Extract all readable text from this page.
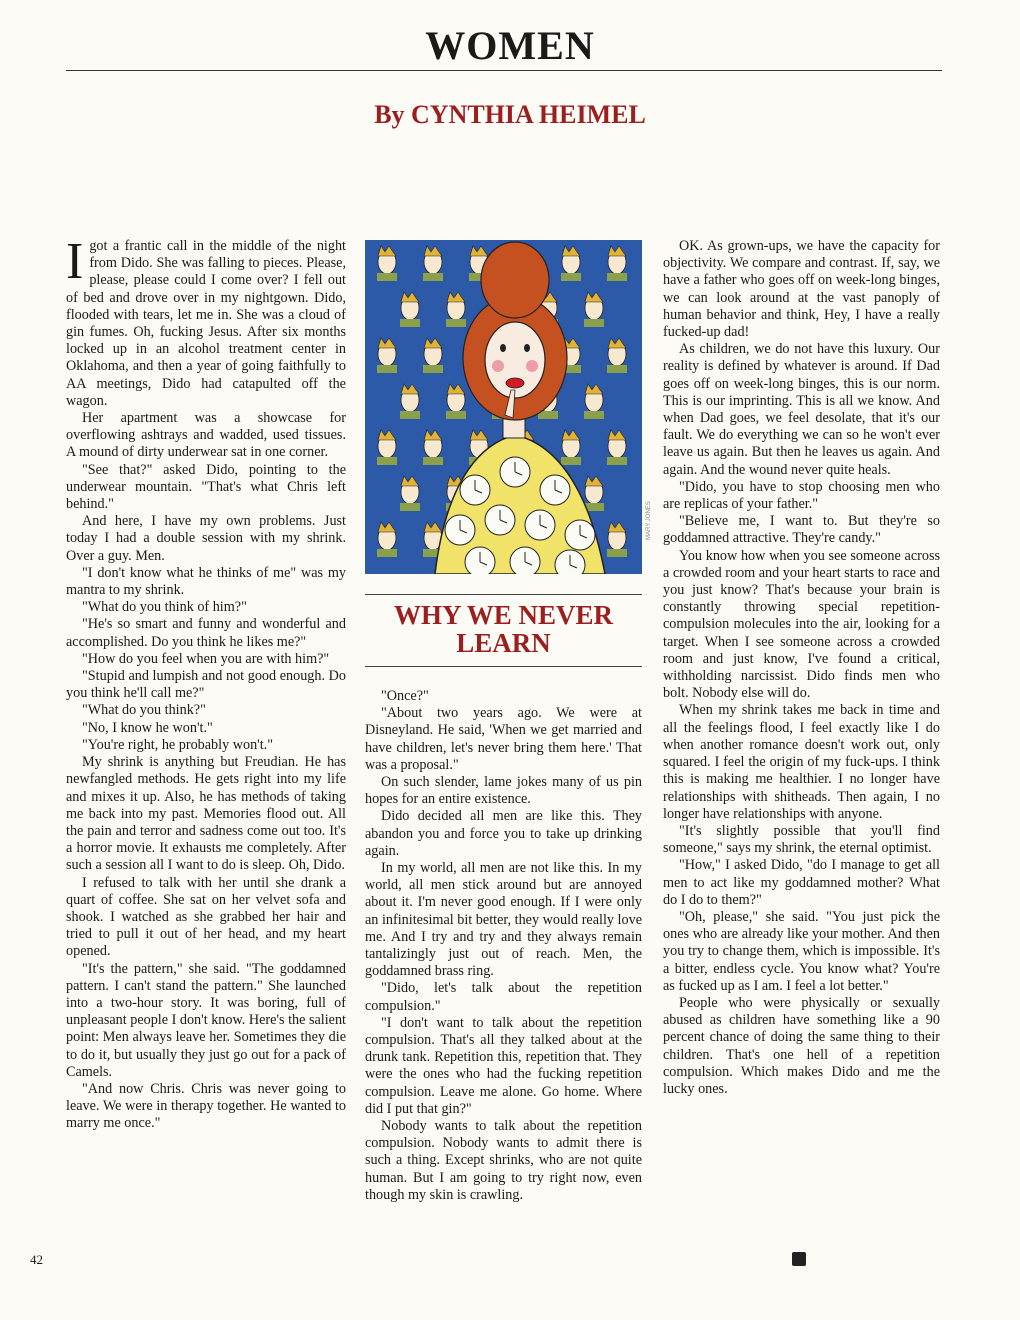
WOMEN
By CYNTHIA HEIMEL

I got a frantic call in the middle of the night from Dido. She was falling to pieces. Please, please, please could I come over? I fell out of bed and drove over in my nightgown. Dido, flooded with tears, let me in. She was a cloud of gin fumes. Oh, fucking Jesus. After six months locked up in an alcohol treatment center in Oklahoma, and then a year of going faithfully to AA meetings, Dido had catapulted off the wagon.

Her apartment was a showcase for overflowing ashtrays and wadded, used tissues. A mound of dirty underwear sat in one corner.

"See that?" asked Dido, pointing to the underwear mountain. "That's what Chris left behind."

And here, I have my own problems. Just today I had a double session with my shrink. Over a guy. Men.

"I don't know what he thinks of me" was my mantra to my shrink.

"What do you think of him?"

"He's so smart and funny and wonderful and accomplished. Do you think he likes me?"

"How do you feel when you are with him?"

"Stupid and lumpish and not good enough. Do you think he'll call me?"

"What do you think?"

"No, I know he won't."

"You're right, he probably won't."

My shrink is anything but Freudian. He has newfangled methods. He gets right into my life and mixes it up. Also, he has methods of taking me back into my past. Memories flood out. All the pain and terror and sadness come out too. It's a horror movie. It exhausts me completely. After such a session all I want to do is sleep. Oh, Dido.

I refused to talk with her until she drank a quart of coffee. She sat on her velvet sofa and shook. I watched as she grabbed her hair and tried to pull it out of her head, and my heart opened.

"It's the pattern," she said. "The goddamned pattern. I can't stand the pattern." She launched into a two-hour story. It was boring, full of unpleasant people I don't know. Here's the salient point: Men always leave her. Sometimes they die to do it, but usually they just go out for a pack of Camels.

"And now Chris. Chris was never going to leave. We were in therapy together. He wanted to marry me once."

MARY JONES
WHY WE NEVER LEARN

"Once?"

"About two years ago. We were at Disneyland. He said, 'When we get married and have children, let's never bring them here.' That was a proposal."

On such slender, lame jokes many of us pin hopes for an entire existence.

Dido decided all men are like this. They abandon you and force you to take up drinking again.

In my world, all men are not like this. In my world, all men stick around but are annoyed about it. I'm never good enough. If I were only an infinitesimal bit better, they would really love me. And I try and try and they always remain tantalizingly just out of reach. Men, the goddamned brass ring.

"Dido, let's talk about the repetition compulsion."

"I don't want to talk about the repetition compulsion. That's all they talked about at the drunk tank. Repetition this, repetition that. They were the ones who had the fucking repetition compulsion. Leave me alone. Go home. Where did I put that gin?"

Nobody wants to talk about the repetition compulsion. Nobody wants to admit there is such a thing. Except shrinks, who are not quite human. But I am going to try right now, even though my skin is crawling.

OK. As grown-ups, we have the capacity for objectivity. We compare and contrast. If, say, we have a father who goes off on week-long binges, we can look around at the vast panoply of human behavior and think, Hey, I have a really fucked-up dad!

As children, we do not have this luxury. Our reality is defined by whatever is around. If Dad goes off on week-long binges, this is our norm. This is our imprinting. This is all we know. And when Dad goes, we feel desolate, that it's our fault. We do everything we can so he won't ever leave us again. But then he leaves us again. And again. And the wound never quite heals.

"Dido, you have to stop choosing men who are replicas of your father."

"Believe me, I want to. But they're so goddamned attractive. They're candy."

You know how when you see someone across a crowded room and your heart starts to race and you just know? That's because your brain is constantly throwing special repetition-compulsion molecules into the air, looking for a target. When I see someone across a crowded room and just know, I've found a critical, withholding narcissist. Dido finds men who bolt. Nobody else will do.

When my shrink takes me back in time and all the feelings flood, I feel exactly like I do when another romance doesn't work out, only squared. I feel the origin of my fuck-ups. I think this is making me healthier. I no longer have relationships with shitheads. Then again, I no longer have relationships with anyone.

"It's slightly possible that you'll find someone," says my shrink, the eternal optimist.

"How," I asked Dido, "do I manage to get all men to act like my goddamned mother? What do I do to them?"

"Oh, please," she said. "You just pick the ones who are already like your mother. And then you try to change them, which is impossible. It's a bitter, endless cycle. You know what? You're as fucked up as I am. I feel a lot better."

People who were physically or sexually abused as children have something like a 90 percent chance of doing the same thing to their children. That's one hell of a repetition compulsion. Which makes Dido and me the lucky ones.

42
